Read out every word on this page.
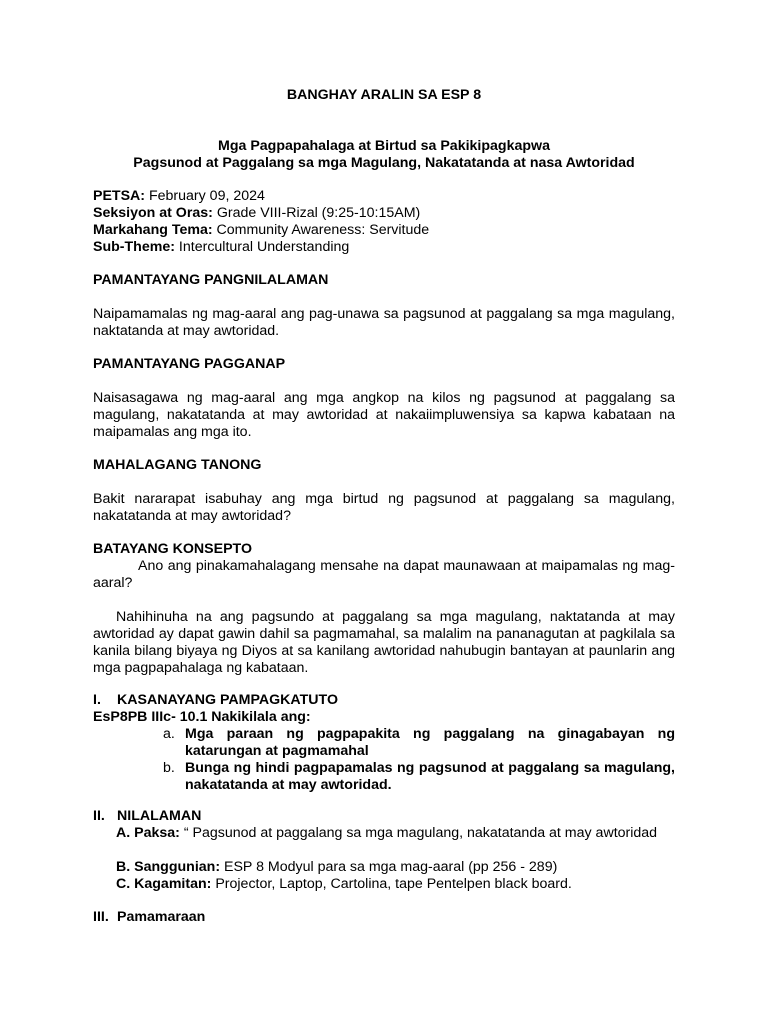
BANGHAY ARALIN SA ESP 8

Mga Pagpapahalaga at Birtud sa Pakikipagkapwa

Pagsunod at Paggalang sa mga Magulang, Nakatatanda at nasa Awtoridad

PETSA: February 09, 2024

Seksiyon at Oras: Grade VIII-Rizal (9:25-10:15AM)

Markahang Tema: Community Awareness: Servitude

Sub-Theme: Intercultural Understanding

PAMANTAYANG PANGNILALAMAN

Naipamamalas ng mag-aaral ang pag-unawa sa pagsunod at paggalang sa mga magulang, naktatanda at may awtoridad.

PAMANTAYANG PAGGANAP

Naisasagawa ng mag-aaral ang mga angkop na kilos ng pagsunod at paggalang sa magulang, nakatatanda at may awtoridad at nakaiimpluwensiya sa kapwa kabataan na maipamalas ang mga ito.

MAHALAGANG TANONG

Bakit nararapat isabuhay ang mga birtud ng pagsunod at paggalang sa magulang, nakatatanda at may awtoridad?

BATAYANG KONSEPTO

Ano ang pinakamahalagang mensahe na dapat maunawaan at maipamalas ng mag-aaral?

Nahihinuha na ang pagsundo at paggalang sa mga magulang, naktatanda at may awtoridad ay dapat gawin dahil sa pagmamahal, sa malalim na pananagutan at pagkilala sa kanila bilang biyaya ng Diyos at sa kanilang awtoridad nahubugin bantayan at paunlarin ang mga pagpapahalaga ng kabataan.

I.	KASANAYANG PAMPAGKATUTO

EsP8PB IIIc- 10.1 Nakikilala ang:

a. Mga paraan ng pagpapakita ng paggalang na ginagabayan ng katarungan at pagmamahal
b. Bunga ng hindi pagpapamalas ng pagsunod at paggalang sa magulang, nakatatanda at may awtoridad.
II. NILALAMAN

A. Paksa: “ Pagsunod at paggalang sa mga magulang, nakatatanda at may awtoridad

B. Sanggunian: ESP 8 Modyul para sa mga mag-aaral (pp 256 - 289)

C. Kagamitan: Projector, Laptop, Cartolina, tape Pentelpen black board.

III. Pamamaraan
